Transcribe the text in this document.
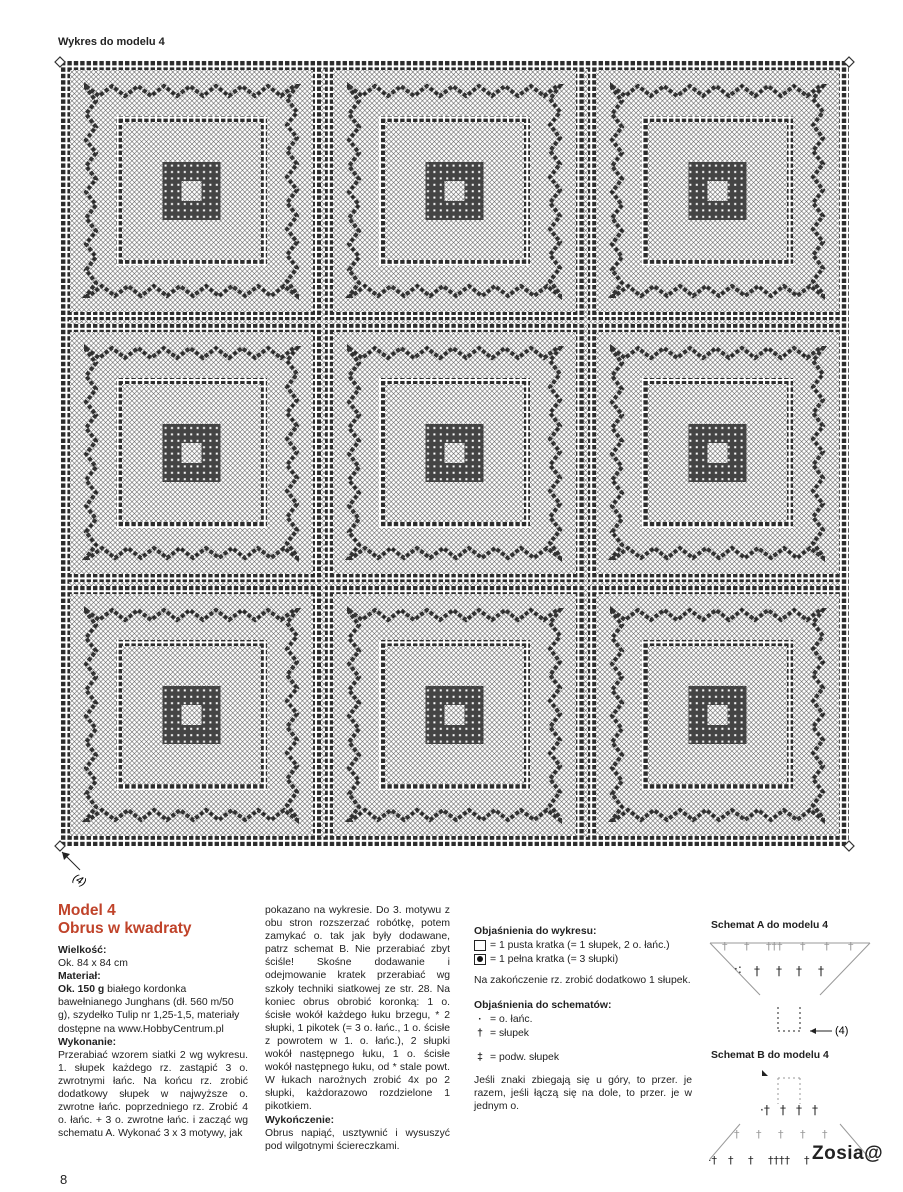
Wykres do modelu 4
(4)
Model 4
Obrus w kwadraty

Wielkość:

Ok. 84 x 84 cm

Materiał:

Ok. 150 g białego kordonka bawełnianego Junghans (dł. 560 m/50 g), szydełko Tulip nr 1,25-1,5, materiały dostępne na www.HobbyCentrum.pl

Wykonanie:

Przerabiać wzorem siatki 2 wg wykresu. 1. słupek każdego rz. zastąpić 3 o. zwrotnymi łańc. Na końcu rz. zrobić dodatkowy słupek w najwyższe o. zwrotne łańc. poprzedniego rz. Zrobić 4 o. łańc. + 3 o. zwrotne łańc. i zacząć wg schematu A. Wykonać 3 x 3 motywy, jak

pokazano na wykresie. Do 3. motywu z obu stron rozszerzać robótkę, potem zamykać o. tak jak były dodawane, patrz schemat B. Nie przerabiać zbyt ściśle! Skośne dodawanie i odejmowanie kratek przerabiać wg szkoły techniki siatkowej ze str. 28. Na koniec obrus obrobić koronką: 1 o. ścisłe wokół każdego łuku brzegu, * 2 słupki, 1 pikotek (= 3 o. łańc., 1 o. ścisłe z powrotem w 1. o. łańc.), 2 słupki wokół następnego łuku, 1 o. ścisłe wokół następnego łuku, od * stale powt. W łukach narożnych zrobić 4x po 2 słupki, każdorazowo rozdzielone 1 pikotkiem.

Wykończenie:

Obrus napiąć, usztywnić i wysuszyć pod wilgotnymi ściereczkami.

Objaśnienia do wykresu:

= 1 pusta kratka (= 1 słupek, 2 o. łańc.)
= 1 pełna kratka (= 3 słupki)

Na zakończenie rz. zrobić dodatkowo 1 słupek.

Objaśnienia do schematów:

· = o. łańc.
† = słupek
‡ = podw. słupek

Jeśli znaki zbiegają się u góry, to przer. je razem, jeśli łączą się na dole, to przer. je w jednym o.

Schemat A do modelu 4
† † ††† † † †
·: † † † †
(4)
Schemat B do modelu 4
·† † † †
† † † † †
·† † † †††† †
8
Zosia@
